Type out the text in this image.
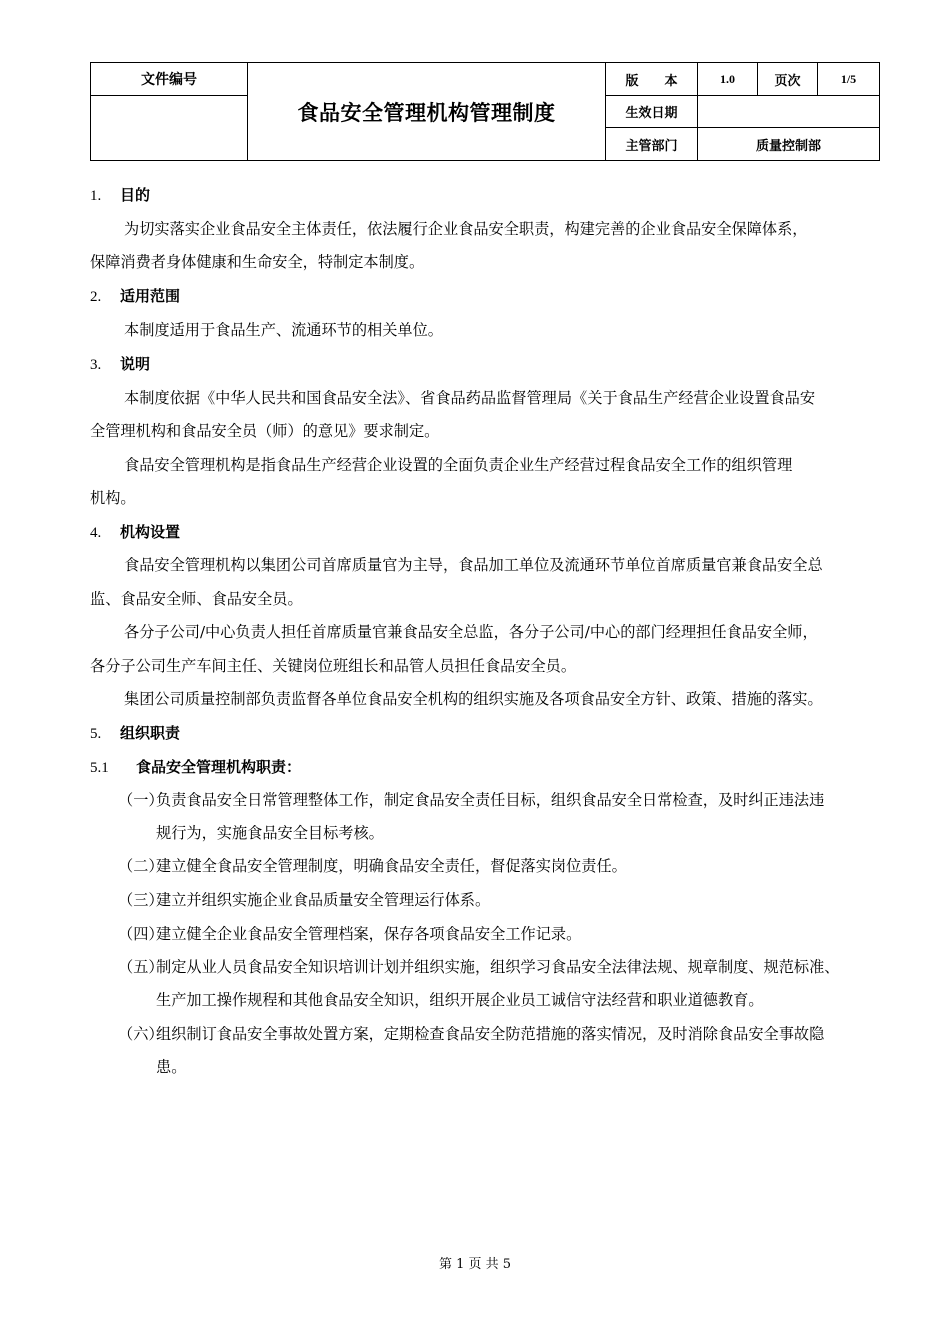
文件编号	食品安全管理机构管理制度	版　　本	1.0	页次	1/5
		生效日期			
		主管部门	质量控制部		
1. 目的
为切实落实企业食品安全主体责任，依法履行企业食品安全职责，构建完善的企业食品安全保障体系，
保障消费者身体健康和生命安全，特制定本制度。
2. 适用范围
本制度适用于食品生产、流通环节的相关单位。
3. 说明
本制度依据《中华人民共和国食品安全法》、省食品药品监督管理局《关于食品生产经营企业设置食品安
全管理机构和食品安全员（师）的意见》要求制定。
食品安全管理机构是指食品生产经营企业设置的全面负责企业生产经营过程食品安全工作的组织管理
机构。
4. 机构设置
食品安全管理机构以集团公司首席质量官为主导，食品加工单位及流通环节单位首席质量官兼食品安全总
监、食品安全师、食品安全员。
各分子公司/中心负责人担任首席质量官兼食品安全总监，各分子公司/中心的部门经理担任食品安全师，
各分子公司生产车间主任、关键岗位班组长和品管人员担任食品安全员。
集团公司质量控制部负责监督各单位食品安全机构的组织实施及各项食品安全方针、政策、措施的落实。
5. 组织职责
5.1 食品安全管理机构职责：
（一）负责食品安全日常管理整体工作，制定食品安全责任目标，组织食品安全日常检查，及时纠正违法违
规行为，实施食品安全目标考核。
（二）建立健全食品安全管理制度，明确食品安全责任，督促落实岗位责任。
（三）建立并组织实施企业食品质量安全管理运行体系。
（四）建立健全企业食品安全管理档案，保存各项食品安全工作记录。
（五）制定从业人员食品安全知识培训计划并组织实施，组织学习食品安全法律法规、规章制度、规范标准、
生产加工操作规程和其他食品安全知识，组织开展企业员工诚信守法经营和职业道德教育。
（六）组织制订食品安全事故处置方案，定期检查食品安全防范措施的落实情况，及时消除食品安全事故隐
患。
第 1 页 共 5
